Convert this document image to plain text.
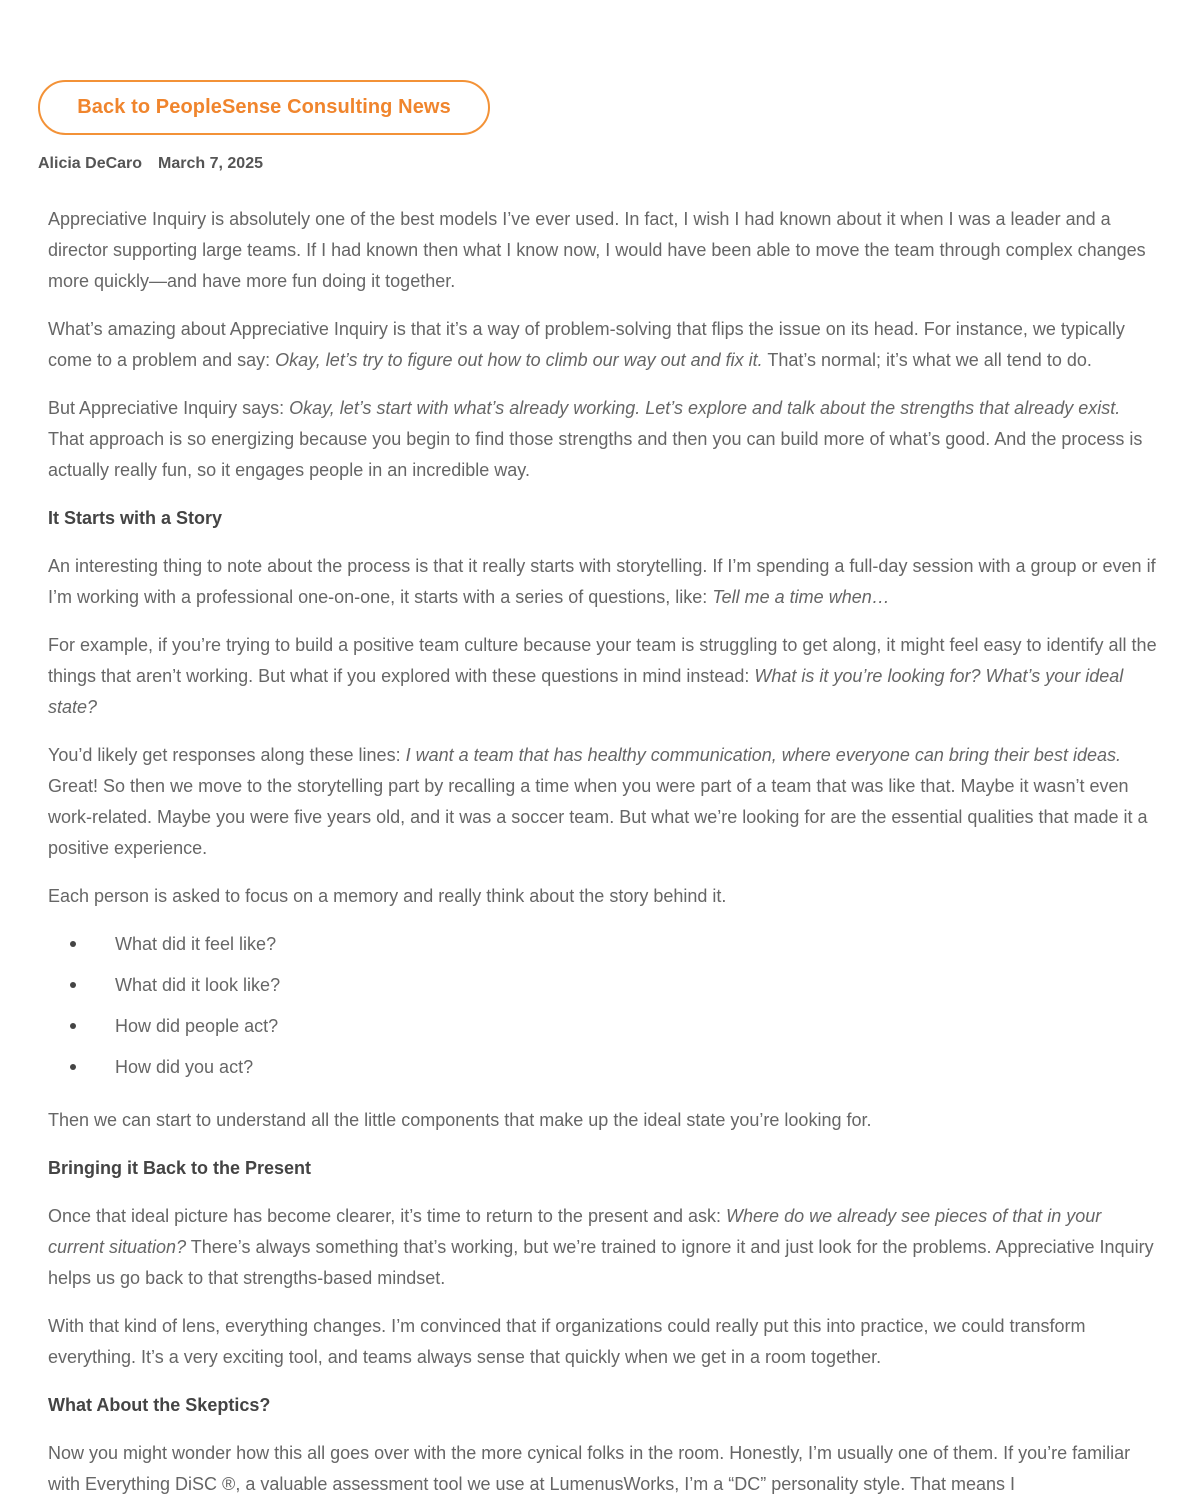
Back to PeopleSense Consulting News
Alicia DeCaro March 7, 2025

Appreciative Inquiry is absolutely one of the best models I’ve ever used. In fact, I wish I had known about it when I was a leader and a director supporting large teams. If I had known then what I know now, I would have been able to move the team through complex changes more quickly—and have more fun doing it together.

What’s amazing about Appreciative Inquiry is that it’s a way of problem-solving that flips the issue on its head. For instance, we typically come to a problem and say: Okay, let’s try to figure out how to climb our way out and fix it. That’s normal; it’s what we all tend to do.

But Appreciative Inquiry says: Okay, let’s start with what’s already working. Let’s explore and talk about the strengths that already exist. That approach is so energizing because you begin to find those strengths and then you can build more of what’s good. And the process is actually really fun, so it engages people in an incredible way.

It Starts with a Story

An interesting thing to note about the process is that it really starts with storytelling. If I’m spending a full-day session with a group or even if I’m working with a professional one-on-one, it starts with a series of questions, like: Tell me a time when…

For example, if you’re trying to build a positive team culture because your team is struggling to get along, it might feel easy to identify all the things that aren’t working. But what if you explored with these questions in mind instead: What is it you’re looking for? What’s your ideal state?

You’d likely get responses along these lines: I want a team that has healthy communication, where everyone can bring their best ideas. Great! So then we move to the storytelling part by recalling a time when you were part of a team that was like that. Maybe it wasn’t even work-related. Maybe you were five years old, and it was a soccer team. But what we’re looking for are the essential qualities that made it a positive experience.

Each person is asked to focus on a memory and really think about the story behind it.

What did it feel like?
What did it look like?
How did people act?
How did you act?

Then we can start to understand all the little components that make up the ideal state you’re looking for.

Bringing it Back to the Present

Once that ideal picture has become clearer, it’s time to return to the present and ask: Where do we already see pieces of that in your current situation? There’s always something that’s working, but we’re trained to ignore it and just look for the problems. Appreciative Inquiry helps us go back to that strengths-based mindset.

With that kind of lens, everything changes. I’m convinced that if organizations could really put this into practice, we could transform everything. It’s a very exciting tool, and teams always sense that quickly when we get in a room together.

What About the Skeptics?

Now you might wonder how this all goes over with the more cynical folks in the room. Honestly, I’m usually one of them. If you’re familiar with Everything DiSC ®, a valuable assessment tool we use at LumenusWorks, I’m a “DC” personality style. That means I
